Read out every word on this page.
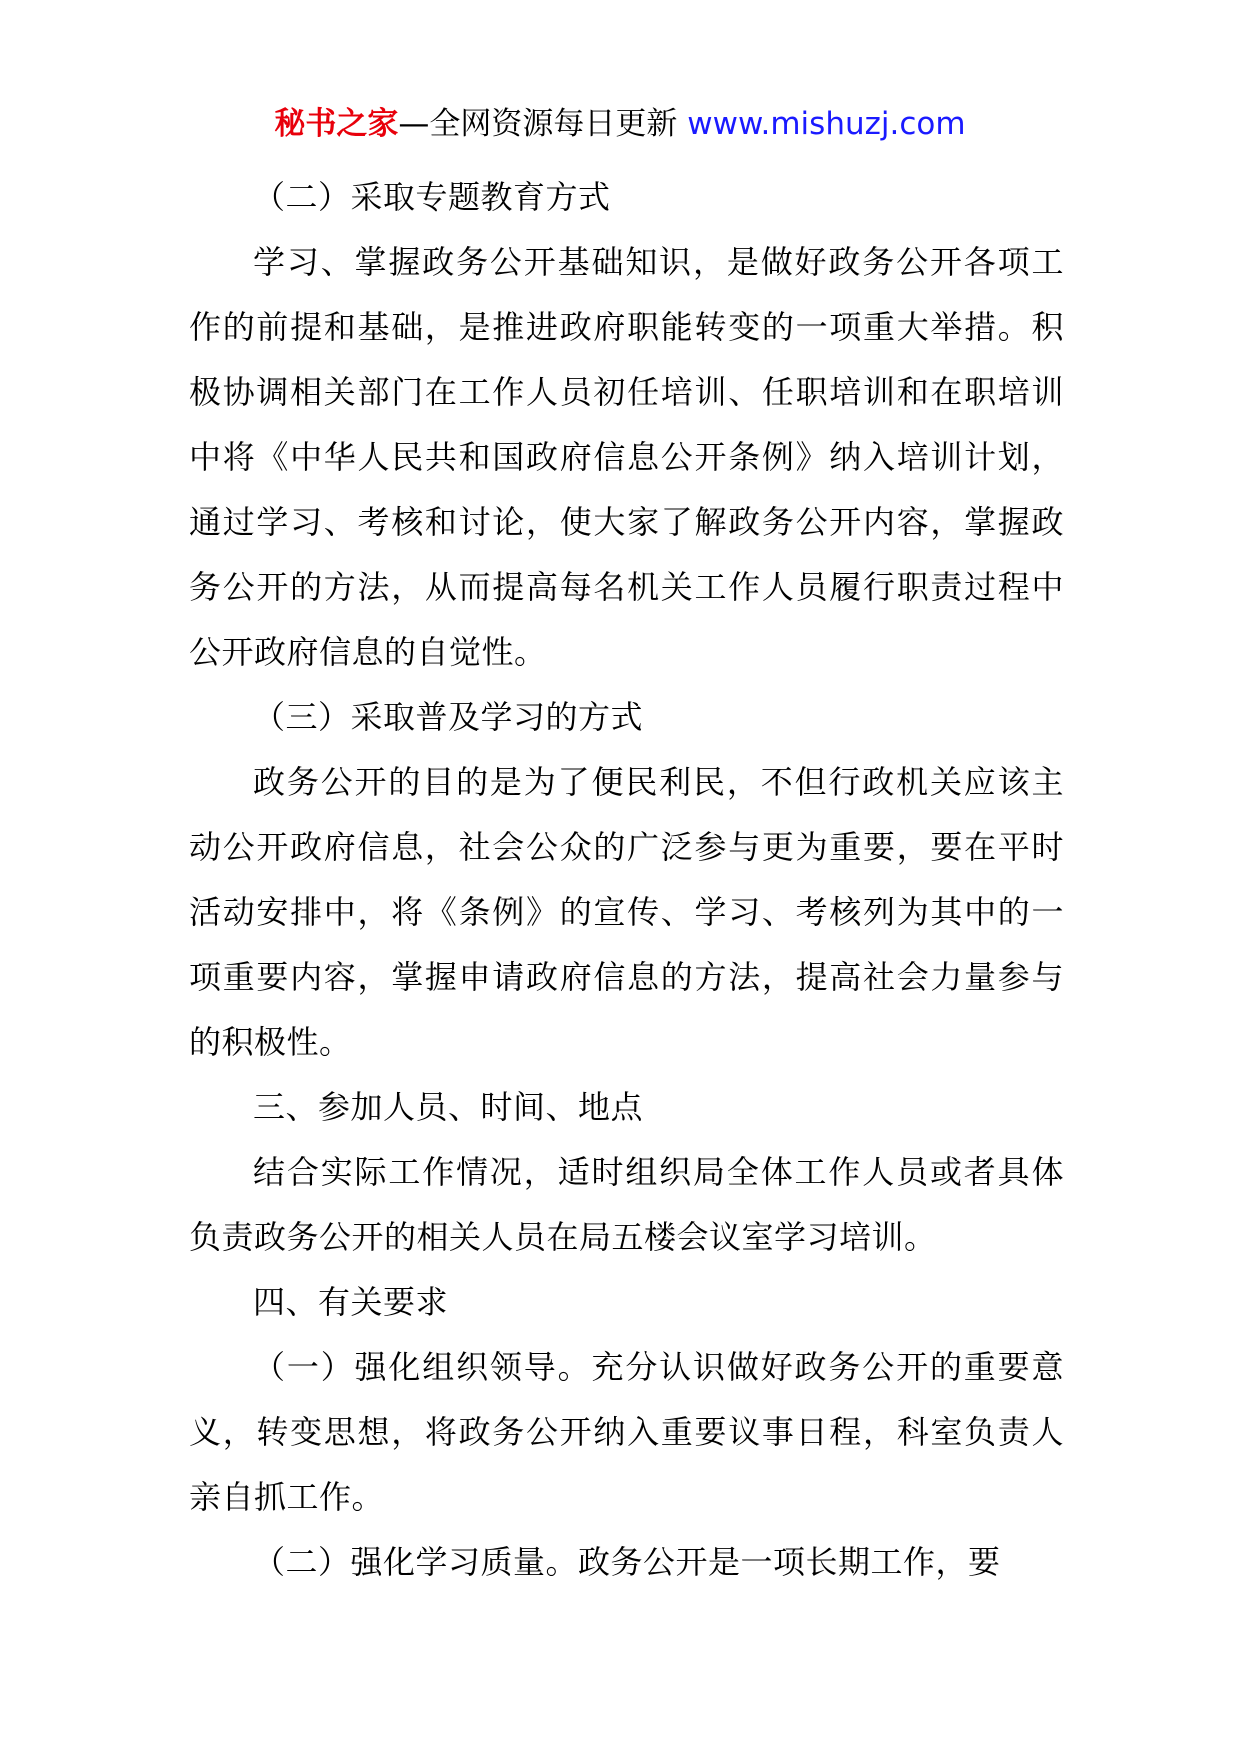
秘书之家—全网资源每日更新 www.mishuzj.com

（二）采取专题教育方式

学习、掌握政务公开基础知识，是做好政务公开各项工作的前提和基础，是推进政府职能转变的一项重大举措。积极协调相关部门在工作人员初任培训、任职培训和在职培训中将《中华人民共和国政府信息公开条例》纳入培训计划，通过学习、考核和讨论，使大家了解政务公开内容，掌握政务公开的方法，从而提高每名机关工作人员履行职责过程中公开政府信息的自觉性。

（三）采取普及学习的方式

政务公开的目的是为了便民利民，不但行政机关应该主动公开政府信息，社会公众的广泛参与更为重要，要在平时活动安排中，将《条例》的宣传、学习、考核列为其中的一项重要内容，掌握申请政府信息的方法，提高社会力量参与的积极性。

三、参加人员、时间、地点

结合实际工作情况，适时组织局全体工作人员或者具体负责政务公开的相关人员在局五楼会议室学习培训。

四、有关要求

（一）强化组织领导。充分认识做好政务公开的重要意义，转变思想，将政务公开纳入重要议事日程，科室负责人亲自抓工作。

（二）强化学习质量。政务公开是一项长期工作，要
